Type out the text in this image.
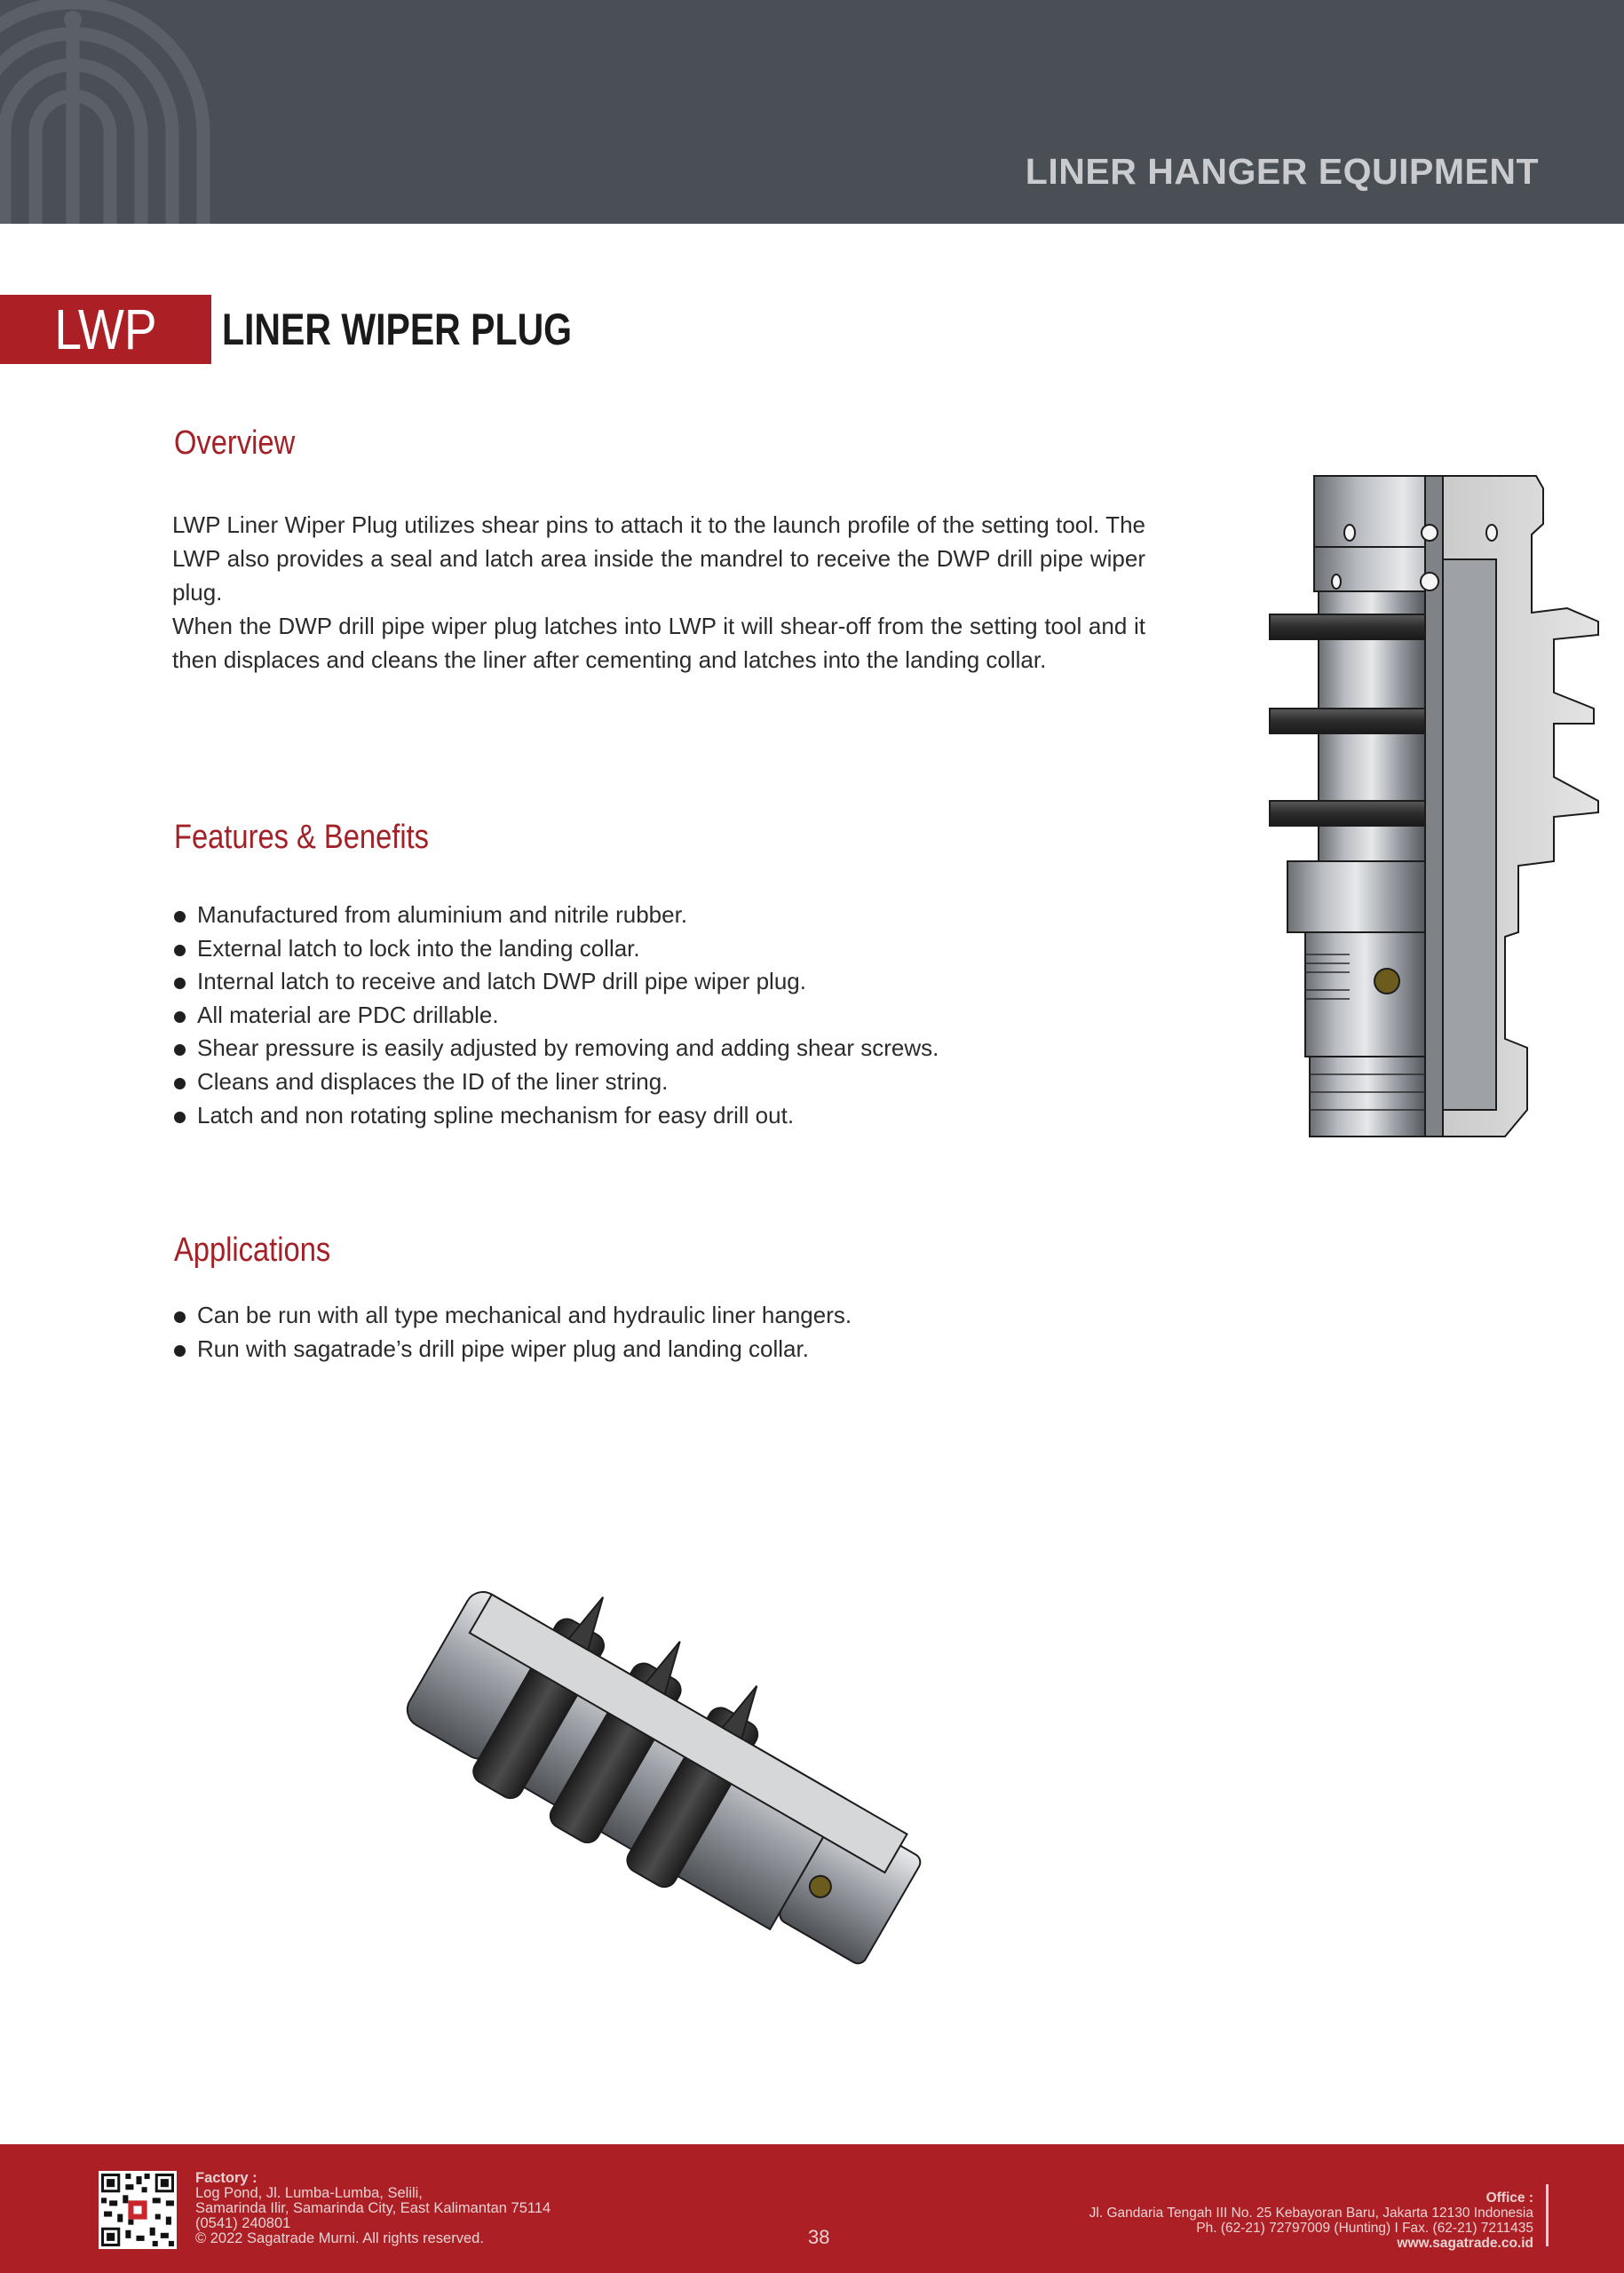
LINER HANGER EQUIPMENT
LWP	LINER WIPER PLUG
Overview

LWP Liner Wiper Plug utilizes shear pins to attach it to the launch profile of the setting tool. The LWP also provides a seal and latch area inside the mandrel to receive the DWP drill pipe wiper plug.

When the DWP drill pipe wiper plug latches into LWP it will shear-off from the setting tool and it then displaces and cleans the liner after cementing and latches into the landing collar.

Features & Benefits
Manufactured from aluminium and nitrile rubber.
External latch to lock into the landing collar.
Internal latch to receive and latch DWP drill pipe wiper plug.
All material are PDC drillable.
Shear pressure is easily adjusted by removing and adding shear screws.
Cleans and displaces the ID of the liner string.
Latch and non rotating spline mechanism for easy drill out.
Applications
Can be run with all type mechanical and hydraulic liner hangers.
Run with sagatrade’s drill pipe wiper plug and landing collar.
Factory :
Log Pond, Jl. Lumba-Lumba, Selili,
Samarinda Ilir, Samarinda City, East Kalimantan 75114
(0541) 240801
© 2022 Sagatrade Murni. All rights reserved.	38
Office :
Jl. Gandaria Tengah III No. 25 Kebayoran Baru, Jakarta 12130 Indonesia
Ph. (62-21) 72797009 (Hunting) I Fax. (62-21) 7211435
www.sagatrade.co.id
